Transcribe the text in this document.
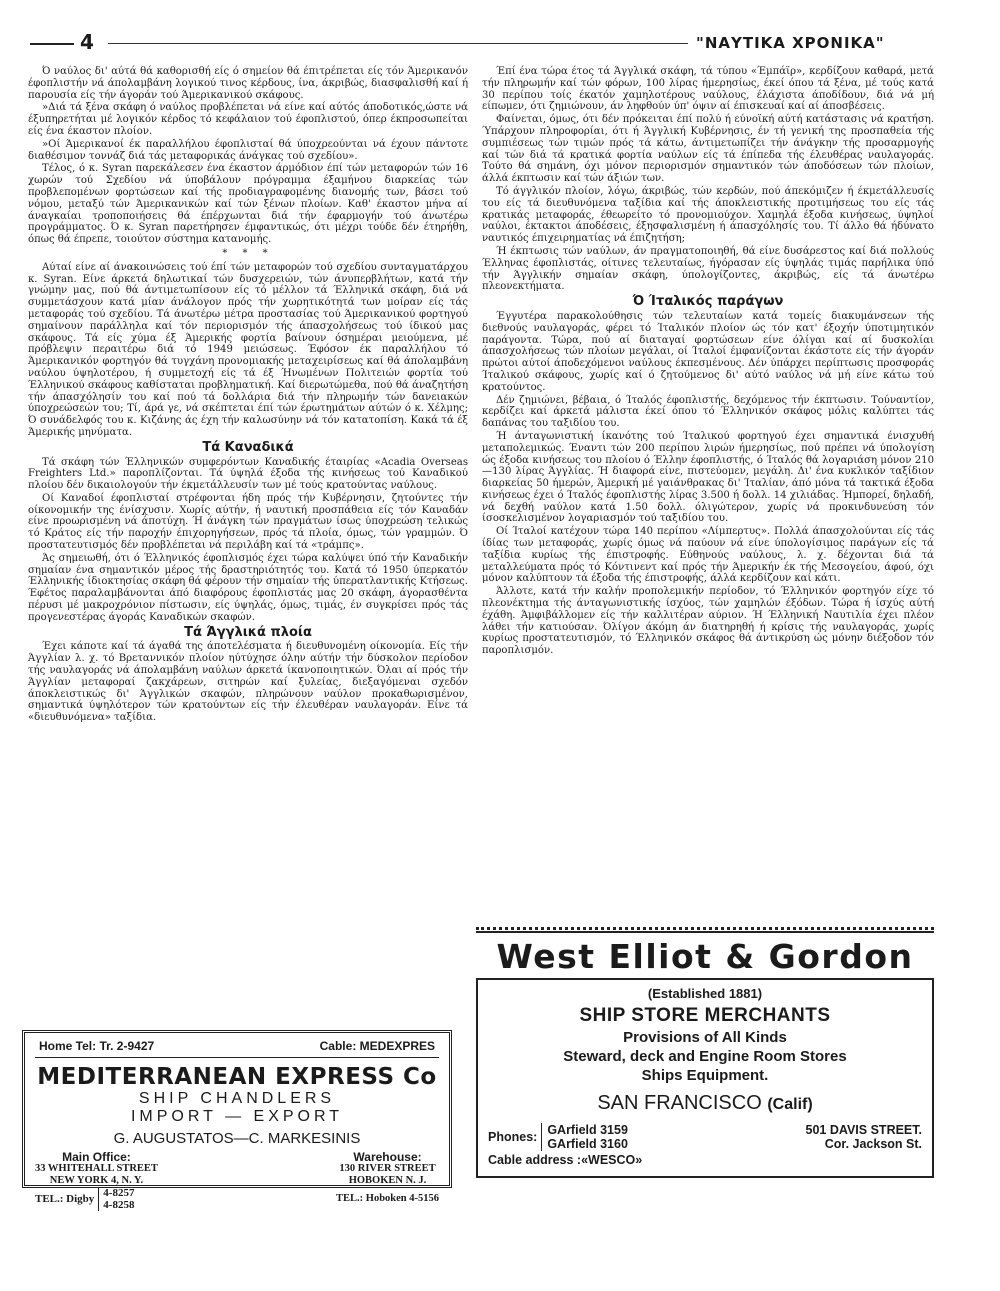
4	"ΝΑΥΤΙΚΑ ΧΡΟΝΙΚΑ"

Ό ναύλος δι' αύτά θά καθορισθή είς ό σημείον θά έπιτρέπεται είς τόν Άμερικανόν έφοπλιστήν νά άπολαμβάνη λογικού τινος κέρδους, ίνα, άκριβώς, διασφαλισθή καί ή παρουσία είς τήν άγοράν τού Άμερικανικού σκάφους.

»Διά τά ξένα σκάφη ό ναύλος προβλέπεται νά είνε καί αύτός άποδοτικός,ώστε νά έξυπηρετήται μέ λογικόν κέρδος τό κεφάλαιον τού έφοπλιστού, όπερ έκπροσωπείται είς ένα έκαστον πλοίον.

»Οί Άμερικανοί έκ παραλλήλου έφοπλισταί θά ύποχρεούνται νά έχουν πάντοτε διαθέσιμον τοννάζ διά τάς μεταφορικάς άνάγκας τού σχεδίου».

Τέλος, ό κ. Syran παρεκάλεσεν ένα έκαστον άρμόδιον έπί τών μεταφορών τών 16 χωρών τού Σχεδίου νά ύποβάλουν πρόγραμμα έξαμήνου διαρκείας τών προβλεπομένων φορτώσεων καί τής προδιαγραφομένης διανομής των, βάσει τού νόμου, μεταξύ τών Άμερικανικών καί τών ξένων πλοίων. Καθ' έκαστον μήνα αί άναγκαίαι τροποποιήσεις θά έπέρχωνται διά τήν έφαρμογήν τού άνωτέρω προγράμματος. Ό κ. Syran παρετήρησεν έμφαντικώς, ότι μέχρι τούδε δέν έτηρήθη, όπως θά έπρεπε, τοιούτον σύστημα κατανομής.

* * *

Αύταί είνε αί άνακοινώσεις τού έπί τών μεταφορών τού σχεδίου συνταγματάρχου κ. Syran. Είνε άρκετά δηλωτικαί τών δυσχερειών, τών άνυπερβλήτων, κατά τήν γνώμην μας, πού θά άντιμετωπίσουν είς τό μέλλον τά Έλληνικά σκάφη, διά νά συμμετάσχουν κατά μίαν άνάλογον πρός τήν χωρητικότητά των μοίραν είς τάς μεταφοράς τού σχεδίου. Τά άνωτέρω μέτρα προστασίας τού Άμερικανικού φορτηγού σημαίνουν παράλληλα καί τόν περιορισμόν τής άπασχολήσεως τού ίδικού μας σκάφους. Τά είς χύμα έξ Άμερικής φορτία βαίνουν όσημέραι μειούμενα, μέ πρόβλεψιν περαιτέρω διά τό 1949 μειώσεως. Έφόσον έκ παραλλήλου τό Άμερικανικόν φορτηγόν θά τυγχάνη προνομιακής μεταχειρίσεως καί θά άπολαμβάνη ναύλου ύψηλοτέρου, ή συμμετοχή είς τά έξ Ήνωμένων Πολιτειών φορτία τού Έλληνικού σκάφους καθίσταται προβληματική. Καί διερωτώμεθα, πού θά άναζητήση τήν άπασχόλησίν του καί πού τά δολλάρια διά τήν πληρωμήν τών δανειακών ύποχρεώσεών του; Τί, άρά γε, νά σκέπτεται έπί τών έρωτημάτων αύτών ό κ. Χέλμης; Ό συνάδελφός του κ. Κιζάνης άς έχη τήν καλωσύνην νά τόν κατατοπίση. Κακά τά έξ Άμερικής μηνύματα.

Τά Καναδικά

Τά σκάφη τών Έλληνικών συμφερόντων Καναδικής έταιρίας «Acadia Overseas Freighters Ltd.» παροπλίζονται. Τά ύψηλά έξοδα τής κινήσεως τού Καναδικού πλοίου δέν δικαιολογούν τήν έκμετάλλευσίν των μέ τούς κρατούντας ναύλους.

Οί Καναδοί έφοπλισταί στρέφονται ήδη πρός τήν Κυβέρνησιν, ζητούντες τήν οίκονομικήν της ένίσχυσιν. Χωρίς αύτήν, ή ναυτική προσπάθεια είς τόν Καναδάν είνε προωρισμένη νά άποτύχη. Ή άνάγκη τών πραγμάτων ίσως ύποχρεώση τελικώς τό Κράτος είς τήν παροχήν έπιχορηγήσεων, πρός τά πλοία, όμως, τών γραμμών. Ό προστατευτισμός δέν προβλέπεται νά περιλάβη καί τά «τράμπς».

Άς σημειωθή, ότι ό Έλληνικός έφοπλισμός έχει τώρα καλύψει ύπό τήν Καναδικήν σημαίαν ένα σημαντικόν μέρος τής δραστηριότητός του. Κατά τό 1950 ύπερκατόν Έλληνικής ίδιοκτησίας σκάφη θά φέρουν τήν σημαίαν τής ύπερατλαντικής Κτήσεως. Έφέτος παραλαμβάνονται άπό διαφόρους έφοπλιστάς μας 20 σκάφη, άγορασθέντα πέρυσι μέ μακροχρόνιον πίστωσιν, είς ύψηλάς, όμως, τιμάς, έν συγκρίσει πρός τάς προγενεστέρας άγοράς Καναδικών σκαφών.

Τά Άγγλικά πλοία

Έχει κάποτε καί τά άγαθά της άποτελέσματα ή διευθυνομένη οίκονομία. Είς τήν Άγγλίαν λ. χ. τό Βρεταννικόν πλοίον ηύτύχησε όλην αύτήν τήν δύσκολον περίοδον τής ναυλαγοράς νά άπολαμβάνη ναύλων άρκετά ίκανοποιητικών. Όλαι αί πρός τήν Άγγλίαν μεταφοραί ζακχάρεων, σιτηρών καί ξυλείας, διεξαγόμεναι σχεδόν άποκλειστικώς δι' Άγγλικών σκαφών, πληρώνουν ναύλον προκαθωρισμένον, σημαντικά ύψηλότερον τών κρατούντων είς τήν έλευθέραν ναυλαγοράν. Είνε τά «διευθυνόμενα» ταξίδια.

Έπί ένα τώρα έτος τά Άγγλικά σκάφη, τά τύπου «Έμπάϊρ», κερδίζουν καθαρά, μετά τήν πληρωμήν καί τών φόρων, 100 λίρας ήμερησίως, έκεί όπου τά ξένα, μέ τούς κατά 30 περίπου τοίς έκατόν χαμηλοτέρους ναύλους, έλάχιστα άποδίδουν, διά νά μή είπωμεν, ότι ζημιώνουν, άν ληφθούν ύπ' όψιν αί έπισκευαί καί αί άποσβέσεις.

Φαίνεται, όμως, ότι δέν πρόκειται έπί πολύ ή εύνοϊκή αύτή κατάστασις νά κρατήση. Ύπάρχουν πληροφορίαι, ότι ή Άγγλική Κυβέρνησις, έν τή γενική της προσπαθεία τής συμπιέσεως τών τιμών πρός τά κάτω, άντιμετωπίζει τήν άνάγκην τής προσαρμογής καί τών διά τά κρατικά φορτία ναύλων είς τά έπίπεδα τής έλευθέρας ναυλαγοράς. Τούτο θά σημάνη, όχι μόνον περιορισμόν σημαντικόν τών άποδόσεων τών πλοίων, άλλά έκπτωσιν καί τών άξιών των.

Τό άγγλικόν πλοίον, λόγω, άκριβώς, τών κερδών, πού άπεκόμιζεν ή έκμετάλλευσίς του είς τά διευθυνόμενα ταξίδια καί τής άποκλειστικής προτιμήσεως του είς τάς κρατικάς μεταφοράς, έθεωρείτο τό προνομιούχον. Χαμηλά έξοδα κινήσεως, ύψηλοί ναύλοι, έκτακτοι άποδέσεις, έξησφαλισμένη ή άπασχόλησίς του. Τί άλλο θά ήδύνατο ναυτικός έπιχειρηματίας νά έπιζητήση;

Ή έκπτωσις τών ναύλων, άν πραγματοποιηθή, θά είνε δυσάρεστος καί διά πολλούς Έλληνας έφοπλιστάς, οίτινες τελευταίως, ήγόρασαν είς ύψηλάς τιμάς παρήλικα ύπό τήν Άγγλικήν σημαίαν σκάφη, ύπολογίζοντες, άκριβώς, είς τά άνωτέρω πλεονεκτήματα.

Ό Ίταλικός παράγων

Έγγυτέρα παρακολούθησις τών τελευταίων κατά τομείς διακυμάνσεων τής διεθνούς ναυλαγοράς, φέρει τό Ίταλικόν πλοίον ώς τόν κατ' έξοχήν ύποτιμητικόν παράγοντα. Τώρα, πού αί διαταγαί φορτώσεων είνε όλίγαι καί αί δυσκολίαι άπασχολήσεως τών πλοίων μεγάλαι, οί Ίταλοί έμφανίζονται έκάστοτε είς τήν άγοράν πρώτοι αύτοί άποδεχόμενοι ναύλους έκπεσμένους. Δέν ύπάρχει περίπτωσις προσφοράς Ίταλικού σκάφους, χωρίς καί ό ζητούμενος δι' αύτό ναύλος νά μή είνε κάτω τού κρατούντος.

Δέν ζημιώνει, βέβαια, ό Ίταλός έφοπλιστής, δεχόμενος τήν έκπτωσιν. Τούναντίον, κερδίζει καί άρκετά μάλιστα έκεί όπου τό Έλληνικόν σκάφος μόλις καλύπτει τάς δαπάνας του ταξιδίου του.

Ή άνταγωνιστική ίκανότης τού Ίταλικού φορτηγού έχει σημαντικά ένισχυθή μεταπολεμικώς. Έναντι τών 200 περίπου λιρών ήμερησίως, πού πρέπει νά ύπολογίση ώς έξοδα κινήσεως του πλοίου ό Έλλην έφοπλιστής, ό Ίταλός θά λογαριάση μόνον 210—130 λίρας Άγγλίας. Ή διαφορά είνε, πιστεύομεν, μεγάλη. Δι' ένα κυκλικόν ταξίδιον διαρκείας 50 ήμερών, Άμερική μέ γαιάνθρακας δι' Ίταλίαν, άπό μόνα τά τακτικά έξοδα κινήσεως έχει ό Ίταλός έφοπλιστής λίρας 3.500 ή δολλ. 14 χιλιάδας. Ήμπορεί, δηλαδή, νά δεχθή ναύλον κατά 1.50 δολλ. όλιγώτερον, χωρίς νά προκινδυνεύση τόν ίσοσκελισμένον λογαριασμόν τού ταξιδίου του.

Οί Ίταλοί κατέχουν τώρα 140 περίπου «Λίμπερτυς». Πολλά άπασχολούνται είς τάς ίδίας των μεταφοράς, χωρίς όμως νά παύουν νά είνε ύπολογίσιμος παράγων είς τά ταξίδια κυρίως τής έπιστροφής. Εύθηνούς ναύλους, λ. χ. δέχονται διά τά μεταλλεύματα πρός τό Κόντινεντ καί πρός τήν Άμερικήν έκ τής Μεσογείου, άφού, όχι μόνον καλύπτουν τά έξοδα τής έπιστροφής, άλλά κερδίζουν καί κάτι.

Άλλοτε, κατά τήν καλήν προπολεμικήν περίοδον, τό Έλληνικόν φορτηγόν είχε τό πλεονέκτημα τής άνταγωνιστικής ίσχύος, τών χαμηλών έξόδων. Τώρα ή ίσχύς αύτή έχάθη. Άμφιβάλλομεν είς τήν καλλιτέραν αύριον. Ή Έλληνική Ναυτιλία έχει πλέον λάθει τήν κατιούσαν. Όλίγον άκόμη άν διατηρηθή ή κρίσις τής ναυλαγοράς, χωρίς κυρίως προστατευτισμόν, τό Έλληνικόν σκάφος θά άντικρύση ώς μόνην διέξοδον τόν παροπλισμόν.

West Elliot & Gordon
(Established 1881)
SHIP STORE MERCHANTS
Provisions of All Kinds
Steward, deck and Engine Room Stores
Ships Equipment.
SAN FRANCISCO (Calif)
Phones: GArfield 3159
GArfield 3160
501 DAVIS STREET.
Cor. Jackson St.
Cable address :«WESCO»
Home Tel: Tr. 2-9427	Cable: MEDEXPRES
MEDITERRANEAN EXPRESS Co
SHIP CHANDLERS
IMPORT — EXPORT
G. AUGUSTATOS—C. MARKESINIS
Main Office:
33 WHITEHALL STREET
NEW YORK 4, N. Y.
TEL.: Digby 4-8257
4-8258
Warehouse:
130 RIVER STREET
HOBOKEN N. J.
TEL.: Hoboken 4-5156
